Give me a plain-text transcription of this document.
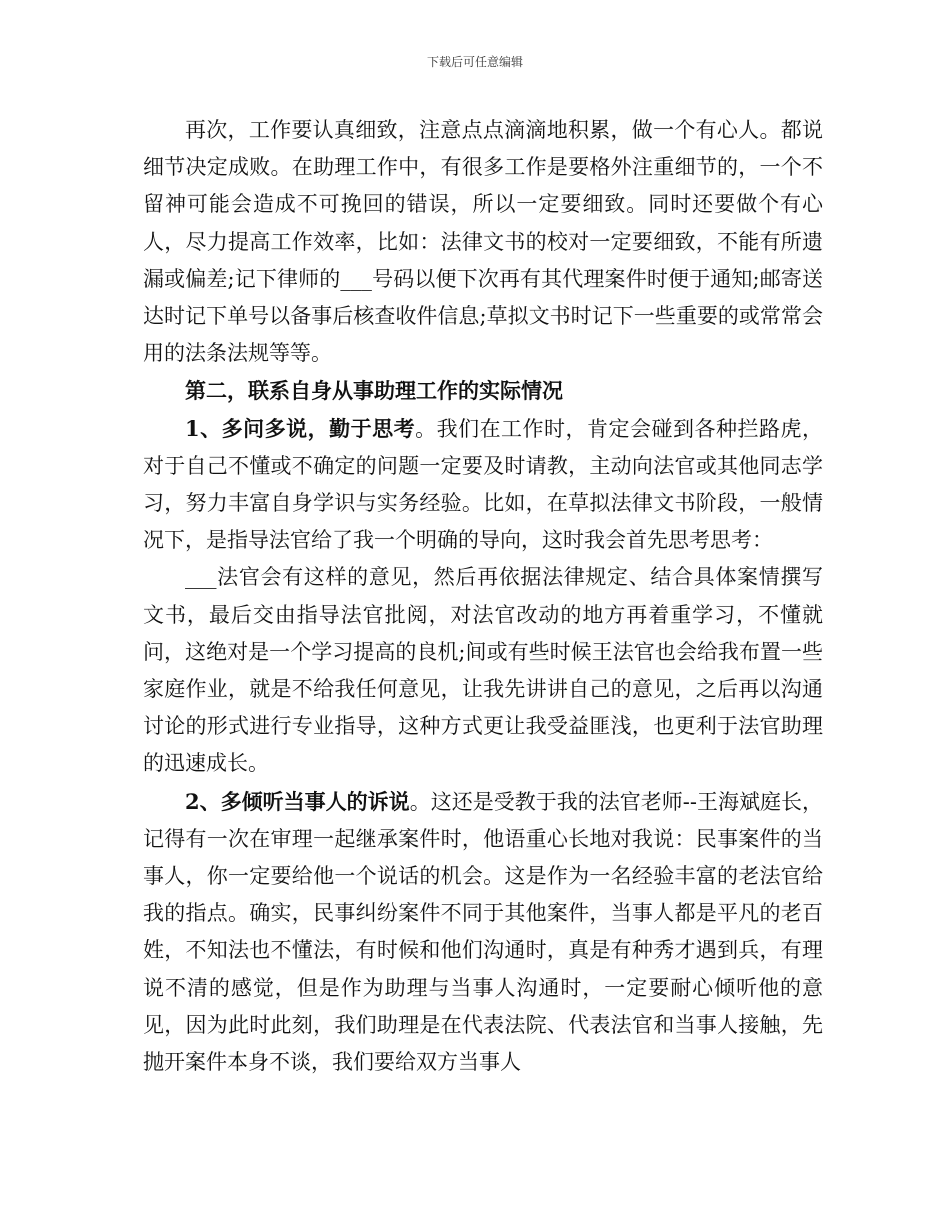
下载后可任意编辑

再次，工作要认真细致，注意点点滴滴地积累，做一个有心人。都说细节决定成败。在助理工作中，有很多工作是要格外注重细节的，一个不留神可能会造成不可挽回的错误，所以一定要细致。同时还要做个有心人，尽力提高工作效率，比如：法律文书的校对一定要细致，不能有所遗漏或偏差;记下律师的___号码以便下次再有其代理案件时便于通知;邮寄送达时记下单号以备事后核查收件信息;草拟文书时记下一些重要的或常常会用的法条法规等等。

第二，联系自身从事助理工作的实际情况

1、多问多说，勤于思考。我们在工作时，肯定会碰到各种拦路虎，对于自己不懂或不确定的问题一定要及时请教，主动向法官或其他同志学习，努力丰富自身学识与实务经验。比如，在草拟法律文书阶段，一般情况下，是指导法官给了我一个明确的导向，这时我会首先思考思考：

___法官会有这样的意见，然后再依据法律规定、结合具体案情撰写文书，最后交由指导法官批阅，对法官改动的地方再着重学习，不懂就问，这绝对是一个学习提高的良机;间或有些时候王法官也会给我布置一些家庭作业，就是不给我任何意见，让我先讲讲自己的意见，之后再以沟通讨论的形式进行专业指导，这种方式更让我受益匪浅，也更利于法官助理的迅速成长。

2、多倾听当事人的诉说。这还是受教于我的法官老师--王海斌庭长，记得有一次在审理一起继承案件时，他语重心长地对我说：民事案件的当事人，你一定要给他一个说话的机会。这是作为一名经验丰富的老法官给我的指点。确实，民事纠纷案件不同于其他案件，当事人都是平凡的老百姓，不知法也不懂法，有时候和他们沟通时，真是有种秀才遇到兵，有理说不清的感觉，但是作为助理与当事人沟通时，一定要耐心倾听他的意见，因为此时此刻，我们助理是在代表法院、代表法官和当事人接触，先抛开案件本身不谈，我们要给双方当事人
